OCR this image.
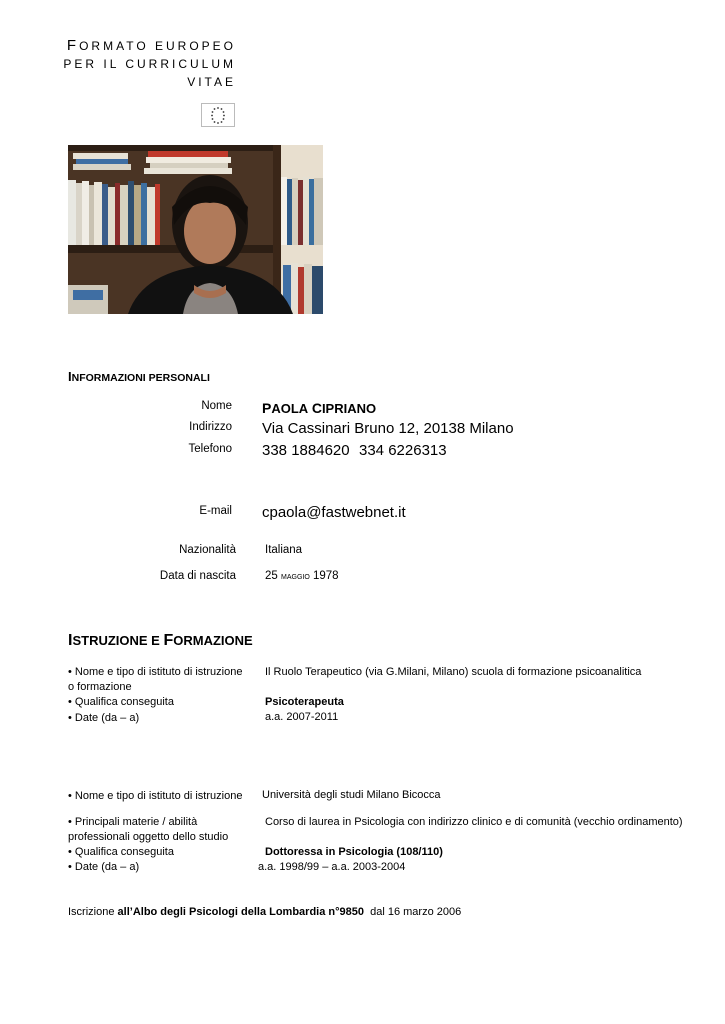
FORMATO EUROPEO
PER IL CURRICULUM
VITAE
INFORMAZIONI PERSONALI
Nome PAOLA CIPRIANO
Indirizzo Via Cassinari Bruno 12, 20138 Milano
Telefono 338 1884620 334 6226313
E-mail cpaola@fastwebnet.it
Nazionalità	Italiana
Data di nascita	25 maggio 1978
ISTRUZIONE E FORMAZIONE
• Nome e tipo di istituto di istruzione
o formazione
Il Ruolo Terapeutico (via G.Milani, Milano) scuola di formazione psicoanalitica
• Qualifica conseguita	Psicoterapeuta
• Date (da – a)	a.a. 2007-2011
• Nome e tipo di istituto di istruzione Università degli studi Milano Bicocca
• Principali materie / abilità
professionali oggetto dello studio
Corso di laurea in Psicologia con indirizzo clinico e di comunità (vecchio ordinamento)
• Qualifica conseguita	Dottoressa in Psicologia (108/110)
• Date (da – a)	a.a. 1998/99 – a.a. 2003-2004
Iscrizione all’Albo degli Psicologi della Lombardia n°9850  dal 16 marzo 2006
